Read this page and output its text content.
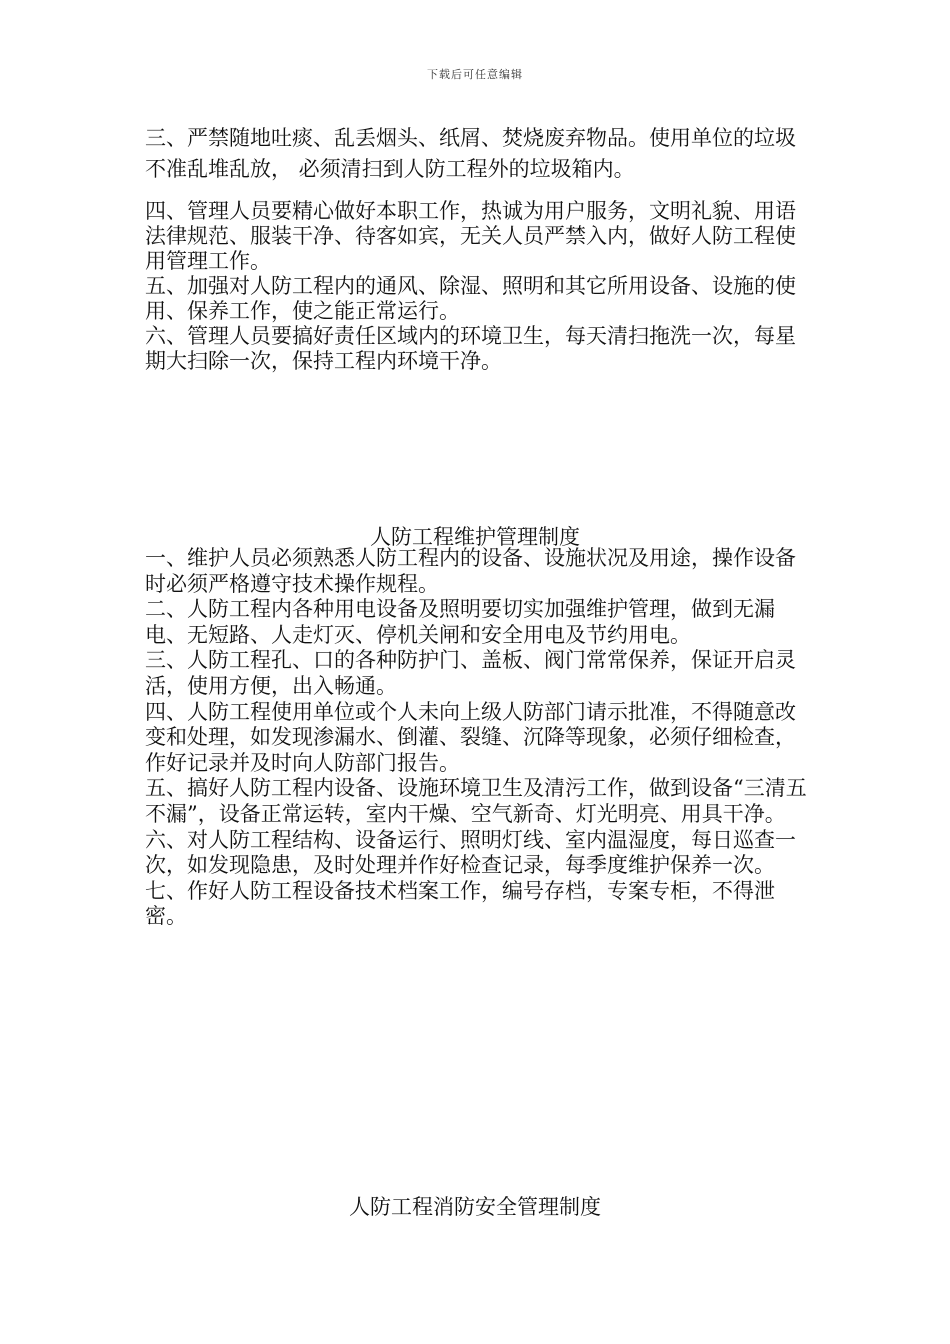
下载后可任意编辑

三、严禁随地吐痰、乱丢烟头、纸屑、焚烧废弃物品。使用单位的垃圾不准乱堆乱放， 必须清扫到人防工程外的垃圾箱内。

四、管理人员要精心做好本职工作，热诚为用户服务，文明礼貌、用语法律规范、服装干净、待客如宾，无关人员严禁入内，做好人防工程使用管理工作。

五、加强对人防工程内的通风、除湿、照明和其它所用设备、设施的使用、保养工作，使之能正常运行。

六、管理人员要搞好责任区域内的环境卫生，每天清扫拖洗一次，每星期大扫除一次，保持工程内环境干净。

人防工程维护管理制度

一、维护人员必须熟悉人防工程内的设备、设施状况及用途，操作设备时必须严格遵守技术操作规程。

二、人防工程内各种用电设备及照明要切实加强维护管理，做到无漏电、无短路、人走灯灭、停机关闸和安全用电及节约用电。

三、人防工程孔、口的各种防护门、盖板、阀门常常保养，保证开启灵活，使用方便，出入畅通。

四、人防工程使用单位或个人未向上级人防部门请示批准，不得随意改变和处理，如发现渗漏水、倒灌、裂缝、沉降等现象，必须仔细检查，作好记录并及时向人防部门报告。

五、搞好人防工程内设备、设施环境卫生及清污工作，做到设备“三清五不漏”，设备正常运转，室内干燥、空气新奇、灯光明亮、用具干净。

六、对人防工程结构、设备运行、照明灯线、室内温湿度，每日巡查一次，如发现隐患，及时处理并作好检查记录，每季度维护保养一次。

七、作好人防工程设备技术档案工作，编号存档，专案专柜，不得泄密。

人防工程消防安全管理制度
